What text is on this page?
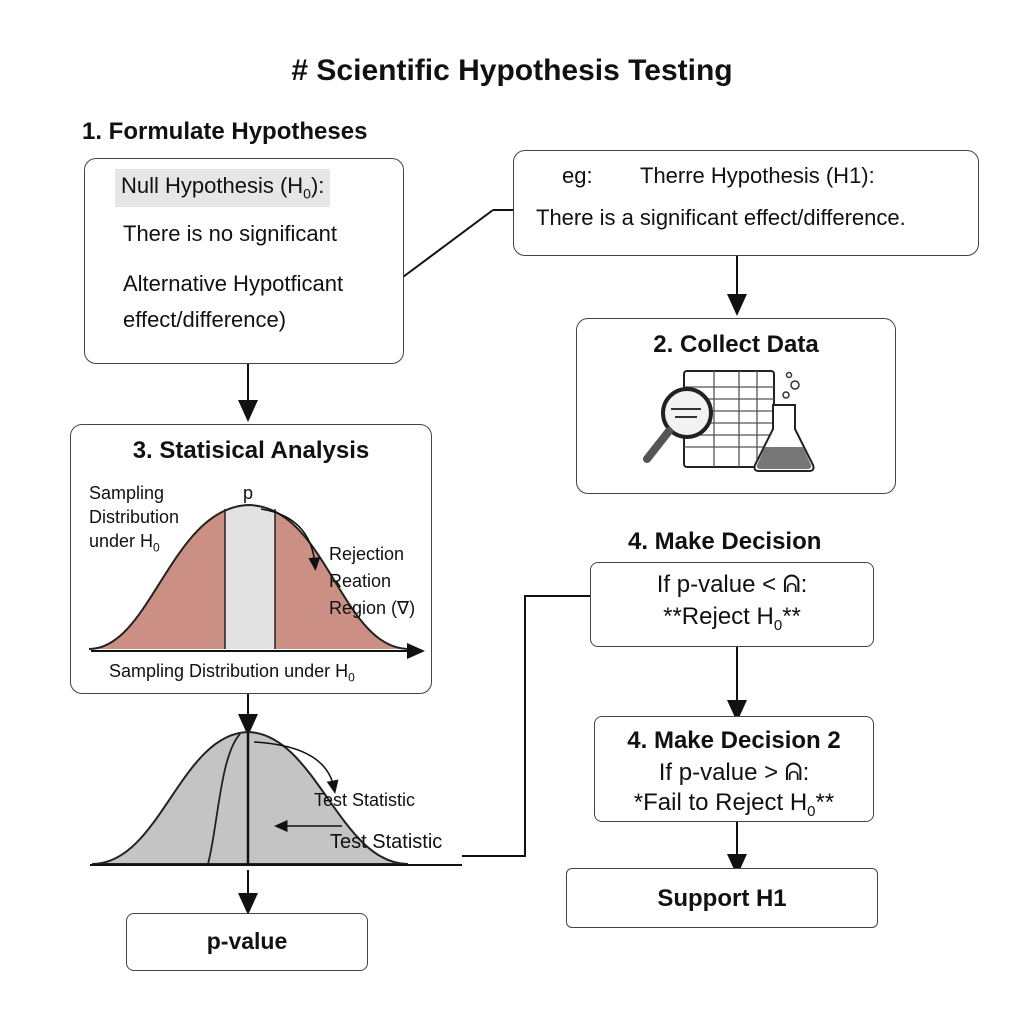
# Scientific Hypothesis Testing
1. Formulate Hypotheses
Null Hypothesis $(H_0)$:
There is no significant
Alternative Hypotficant
effect/difference)
eg: Therre Hypothesis (H1):
There is a significant effect/difference.
2. Collect Data
3. Statisical Analysis
Sampling
Distribution
under $H_0$
p
Rejection
Reation
Region (∇)
Sampling Distribution under $H_0$
Test Statistic
Test Statistic
p-value
4. Make Decision
If p-value < ᕱ:
**Reject $H_0**$
4. Make Decision 2
If p-value > ᕱ:
*Fail to Reject $H_0**$
Support H1
